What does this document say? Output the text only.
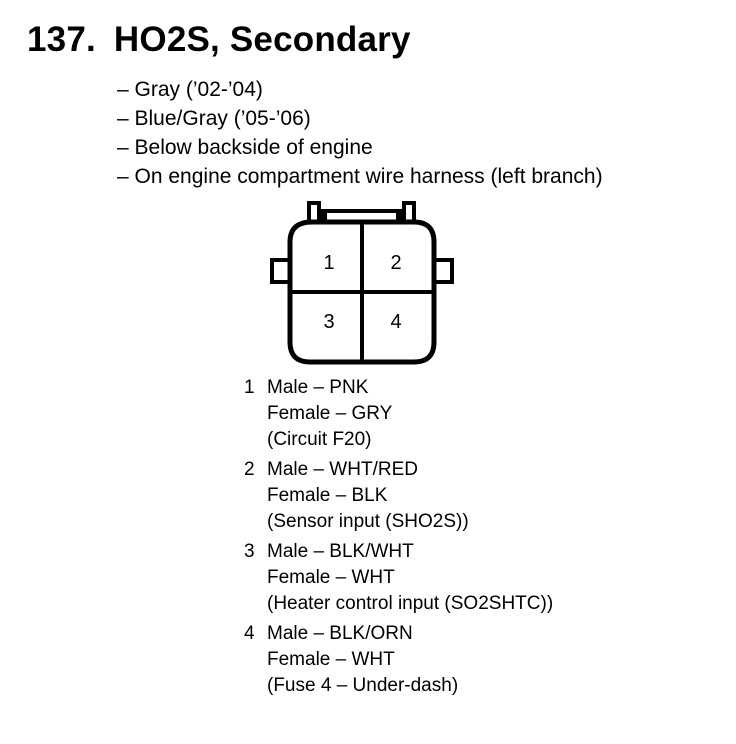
137. HO2S, Secondary
– Gray (’02-’04)
– Blue/Gray (’05-’06)
– Below backside of engine
– On engine compartment wire harness (left branch)
1	2
3	4
1 Male – PNK
Female – GRY
(Circuit F20)
2 Male – WHT/RED
Female – BLK
(Sensor input (SHO2S))
3 Male – BLK/WHT
Female – WHT
(Heater control input (SO2SHTC))
4 Male – BLK/ORN
Female – WHT
(Fuse 4 – Under-dash)
